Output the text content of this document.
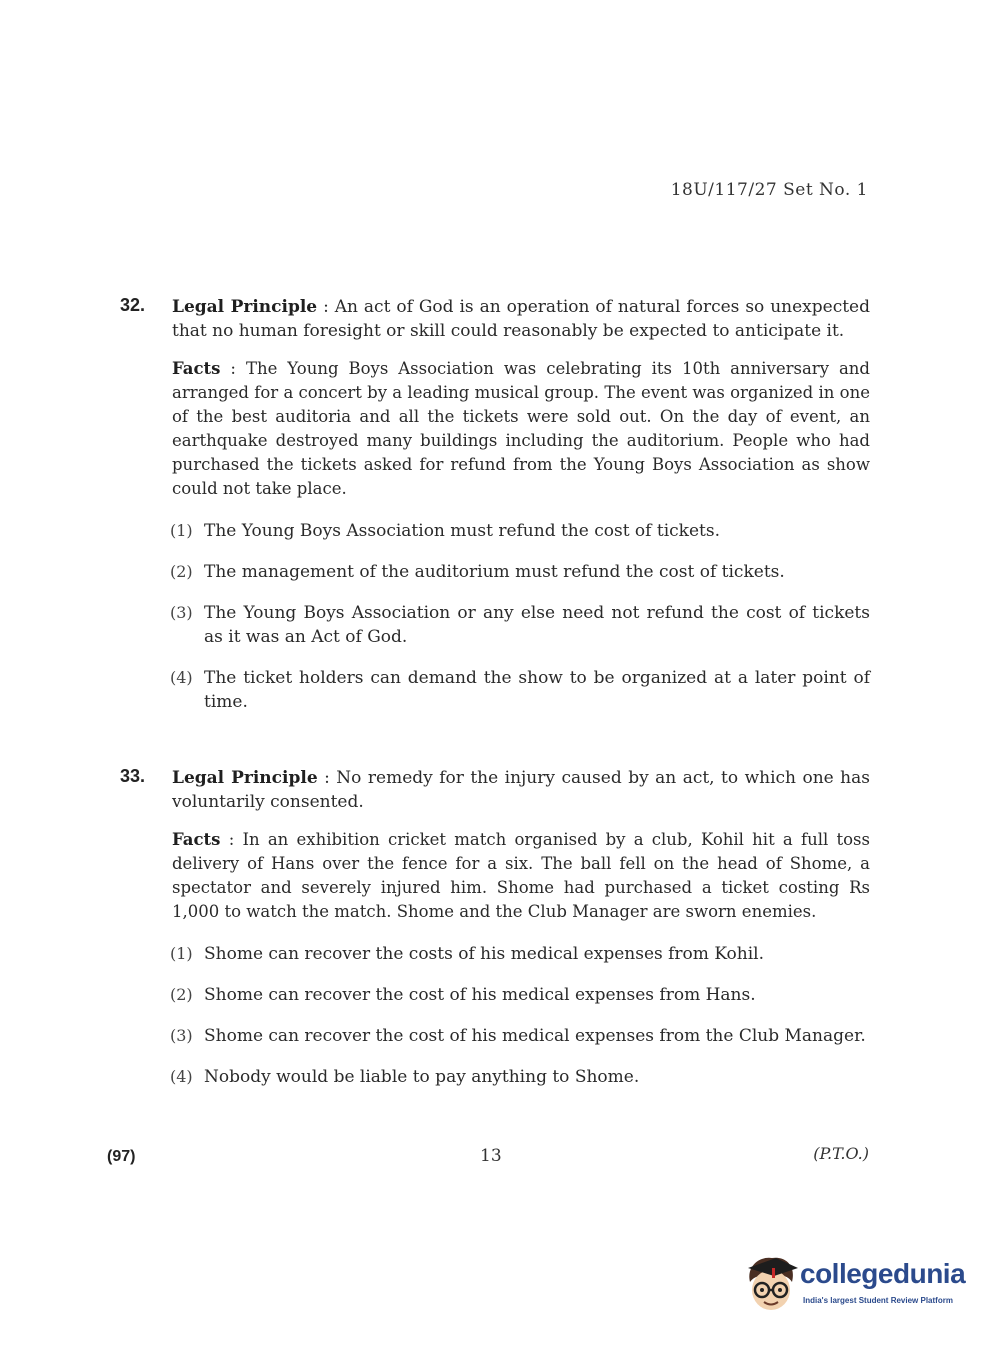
18U/117/27 Set No. 1
32. Legal Principle : An act of God is an operation of natural forces so unexpected that no human foresight or skill could reasonably be expected to anticipate it.
Facts : The Young Boys Association was celebrating its 10th anniversary and arranged for a concert by a leading musical group. The event was organized in one of the best auditoria and all the tickets were sold out. On the day of event, an earthquake destroyed many buildings including the auditorium. People who had purchased the tickets asked for refund from the Young Boys Association as show could not take place.
(1) The Young Boys Association must refund the cost of tickets.
(2) The management of the auditorium must refund the cost of tickets.
(3) The Young Boys Association or any else need not refund the cost of tickets as it was an Act of God.
(4) The ticket holders can demand the show to be organized at a later point of time.
33. Legal Principle : No remedy for the injury caused by an act, to which one has voluntarily consented.
Facts : In an exhibition cricket match organised by a club, Kohil hit a full toss delivery of Hans over the fence for a six. The ball fell on the head of Shome, a spectator and severely injured him. Shome had purchased a ticket costing Rs 1,000 to watch the match. Shome and the Club Manager are sworn enemies.
(1) Shome can recover the costs of his medical expenses from Kohil.
(2) Shome can recover the cost of his medical expenses from Hans.
(3) Shome can recover the cost of his medical expenses from the Club Manager.
(4) Nobody would be liable to pay anything to Shome.
(97)	13	(P.T.O.)
collegedunia
India's largest Student Review Platform
